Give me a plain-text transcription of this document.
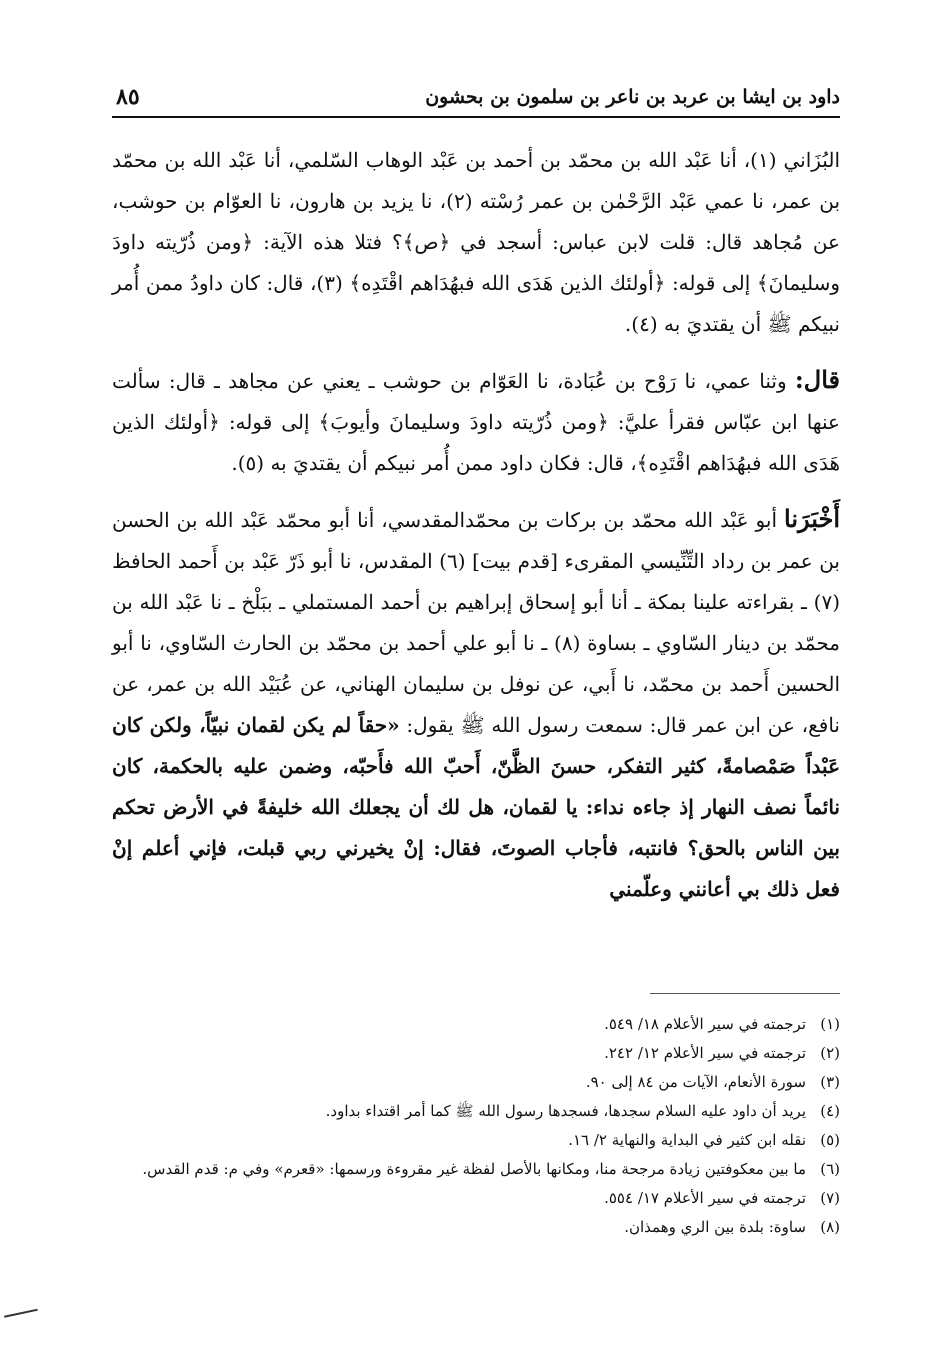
داود بن ايشا بن عربد بن ناعر بن سلمون بن بحشون
٨٥

البُزَاني (١)، أنا عَبْد الله بن محمّد بن أحمد بن عَبْد الوهاب السّلمي، أنا عَبْد الله بن محمّد بن عمر، نا عمي عَبْد الرَّحْمٰن بن عمر رُسْته (٢)، نا يزيد بن هارون، نا العوّام بن حوشب، عن مُجاهد قال: قلت لابن عباس: أسجد في ﴿ص﴾؟ فتلا هذه الآية: ﴿ومن ذُرّيته داودَ وسليمانَ﴾ إلى قوله: ﴿أولئك الذين هَدَى الله فبهُدَاهم اقْتَدِه﴾ (٣)، قال: كان داودُ ممن أُمر نبيكم ﷺ أن يقتديَ به (٤).

قال: وثنا عمي، نا رَوْح بن عُبَادة، نا العَوّام بن حوشب ـ يعني عن مجاهد ـ قال: سألت عنها ابن عبّاس فقرأ عليَّ: ﴿ومن ذُرّيته داودَ وسليمانَ وأيوبَ﴾ إلى قوله: ﴿أولئك الذين هَدَى الله فبهُدَاهم اقْتَدِه﴾، قال: فكان داود ممن أُمر نبيكم أن يقتديَ به (٥).

أَخْبَرَنا أبو عَبْد الله محمّد بن بركات بن محمّدالمقدسي، أنا أبو محمّد عَبْد الله بن الحسن بن عمر بن رداد التِّنِّيسي المقرىء [قدم بيت] (٦) المقدس، نا أبو ذَرّ عَبْد بن أَحمد الحافظ (٧) ـ بقراءته علينا بمكة ـ أنا أبو إسحاق إبراهيم بن أحمد المستملي ـ ببَلْخ ـ نا عَبْد الله بن محمّد بن دينار السّاوي ـ بساوة (٨) ـ نا أبو علي أحمد بن محمّد بن الحارث السّاوي، نا أبو الحسين أَحمد بن محمّد، نا أَبي، عن نوفل بن سليمان الهناني، عن عُبَيْد الله بن عمر، عن نافع، عن ابن عمر قال: سمعت رسول الله ﷺ يقول: «حقاً لم يكن لقمان نبيّاً، ولكن كان عَبْداً صَمْصامةً، كثير التفكر، حسنَ الظَّنّ، أَحبّ الله فأَحبّه، وضمن عليه بالحكمة، كان نائماً نصف النهار إذ جاءه نداء: يا لقمان، هل لك أن يجعلك الله خليفةً في الأرض تحكم بين الناس بالحق؟ فانتبه، فأجاب الصوتَ، فقال: إنْ يخيرني ربي قبلت، فإني أعلم إنْ فعل ذلك بي أعانني وعلّمني

(١)
ترجمته في سير الأعلام ١٨/ ٥٤٩.
(٢)
ترجمته في سير الأعلام ١٢/ ٢٤٢.
(٣)
سورة الأنعام، الآيات من ٨٤ إلى ٩٠.
(٤)
يريد أن داود عليه السلام سجدها، فسجدها رسول الله ﷺ كما أمر اقتداء بداود.
(٥)
نقله ابن كثير في البداية والنهاية ٢/ ١٦.
(٦)
ما بين معكوفتين زيادة مرجحة منا، ومكانها بالأصل لفظة غير مقروءة ورسمها: «قعرم» وفي م: قدم القدس.
(٧)
ترجمته في سير الأعلام ١٧/ ٥٥٤.
(٨)
ساوة: بلدة بين الري وهمذان.
